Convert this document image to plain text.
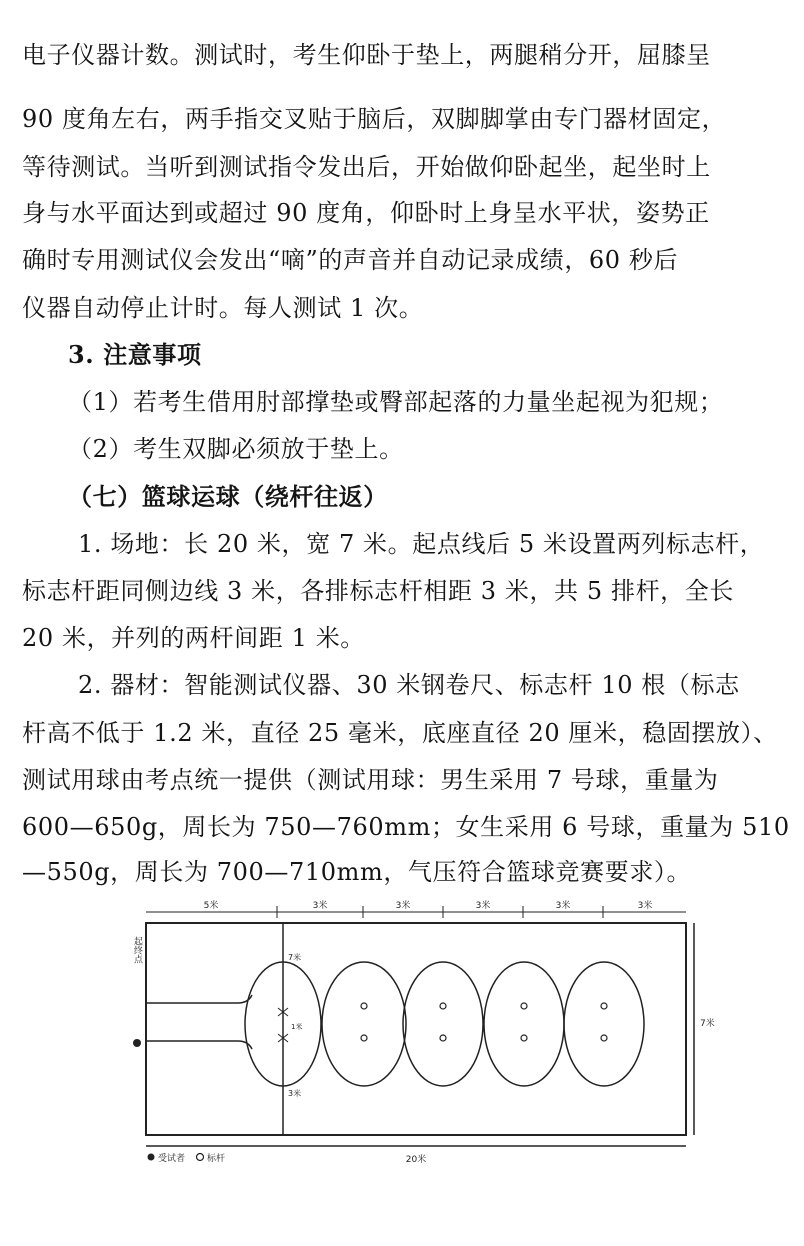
电子仪器计数。测试时，考生仰卧于垫上，两腿稍分开，屈膝呈
90 度角左右，两手指交叉贴于脑后，双脚脚掌由专门器材固定，
等待测试。当听到测试指令发出后，开始做仰卧起坐，起坐时上
身与水平面达到或超过 90 度角，仰卧时上身呈水平状，姿势正
确时专用测试仪会发出“嘀”的声音并自动记录成绩，60 秒后
仪器自动停止计时。每人测试 1 次。
3. 注意事项
（1）若考生借用肘部撑垫或臀部起落的力量坐起视为犯规；
（2）考生双脚必须放于垫上。
（七）篮球运球（绕杆往返）
1. 场地：长 20 米，宽 7 米。起点线后 5 米设置两列标志杆，
标志杆距同侧边线 3 米，各排标志杆相距 3 米，共 5 排杆，全长
20 米，并列的两杆间距 1 米。
2. 器材：智能测试仪器、30 米钢卷尺、标志杆 10 根（标志
杆高不低于 1.2 米，直径 25 毫米，底座直径 20 厘米，稳固摆放）、
测试用球由考点统一提供（测试用球：男生采用 7 号球，重量为
600—650g，周长为 750—760mm；女生采用 6 号球，重量为 510
—550g，周长为 700—710mm，气压符合篮球竞赛要求）。
5米	3米	3米	3米	3米	3米
7米
20米
起终点	7米
3米
1米
受试者 标杆
